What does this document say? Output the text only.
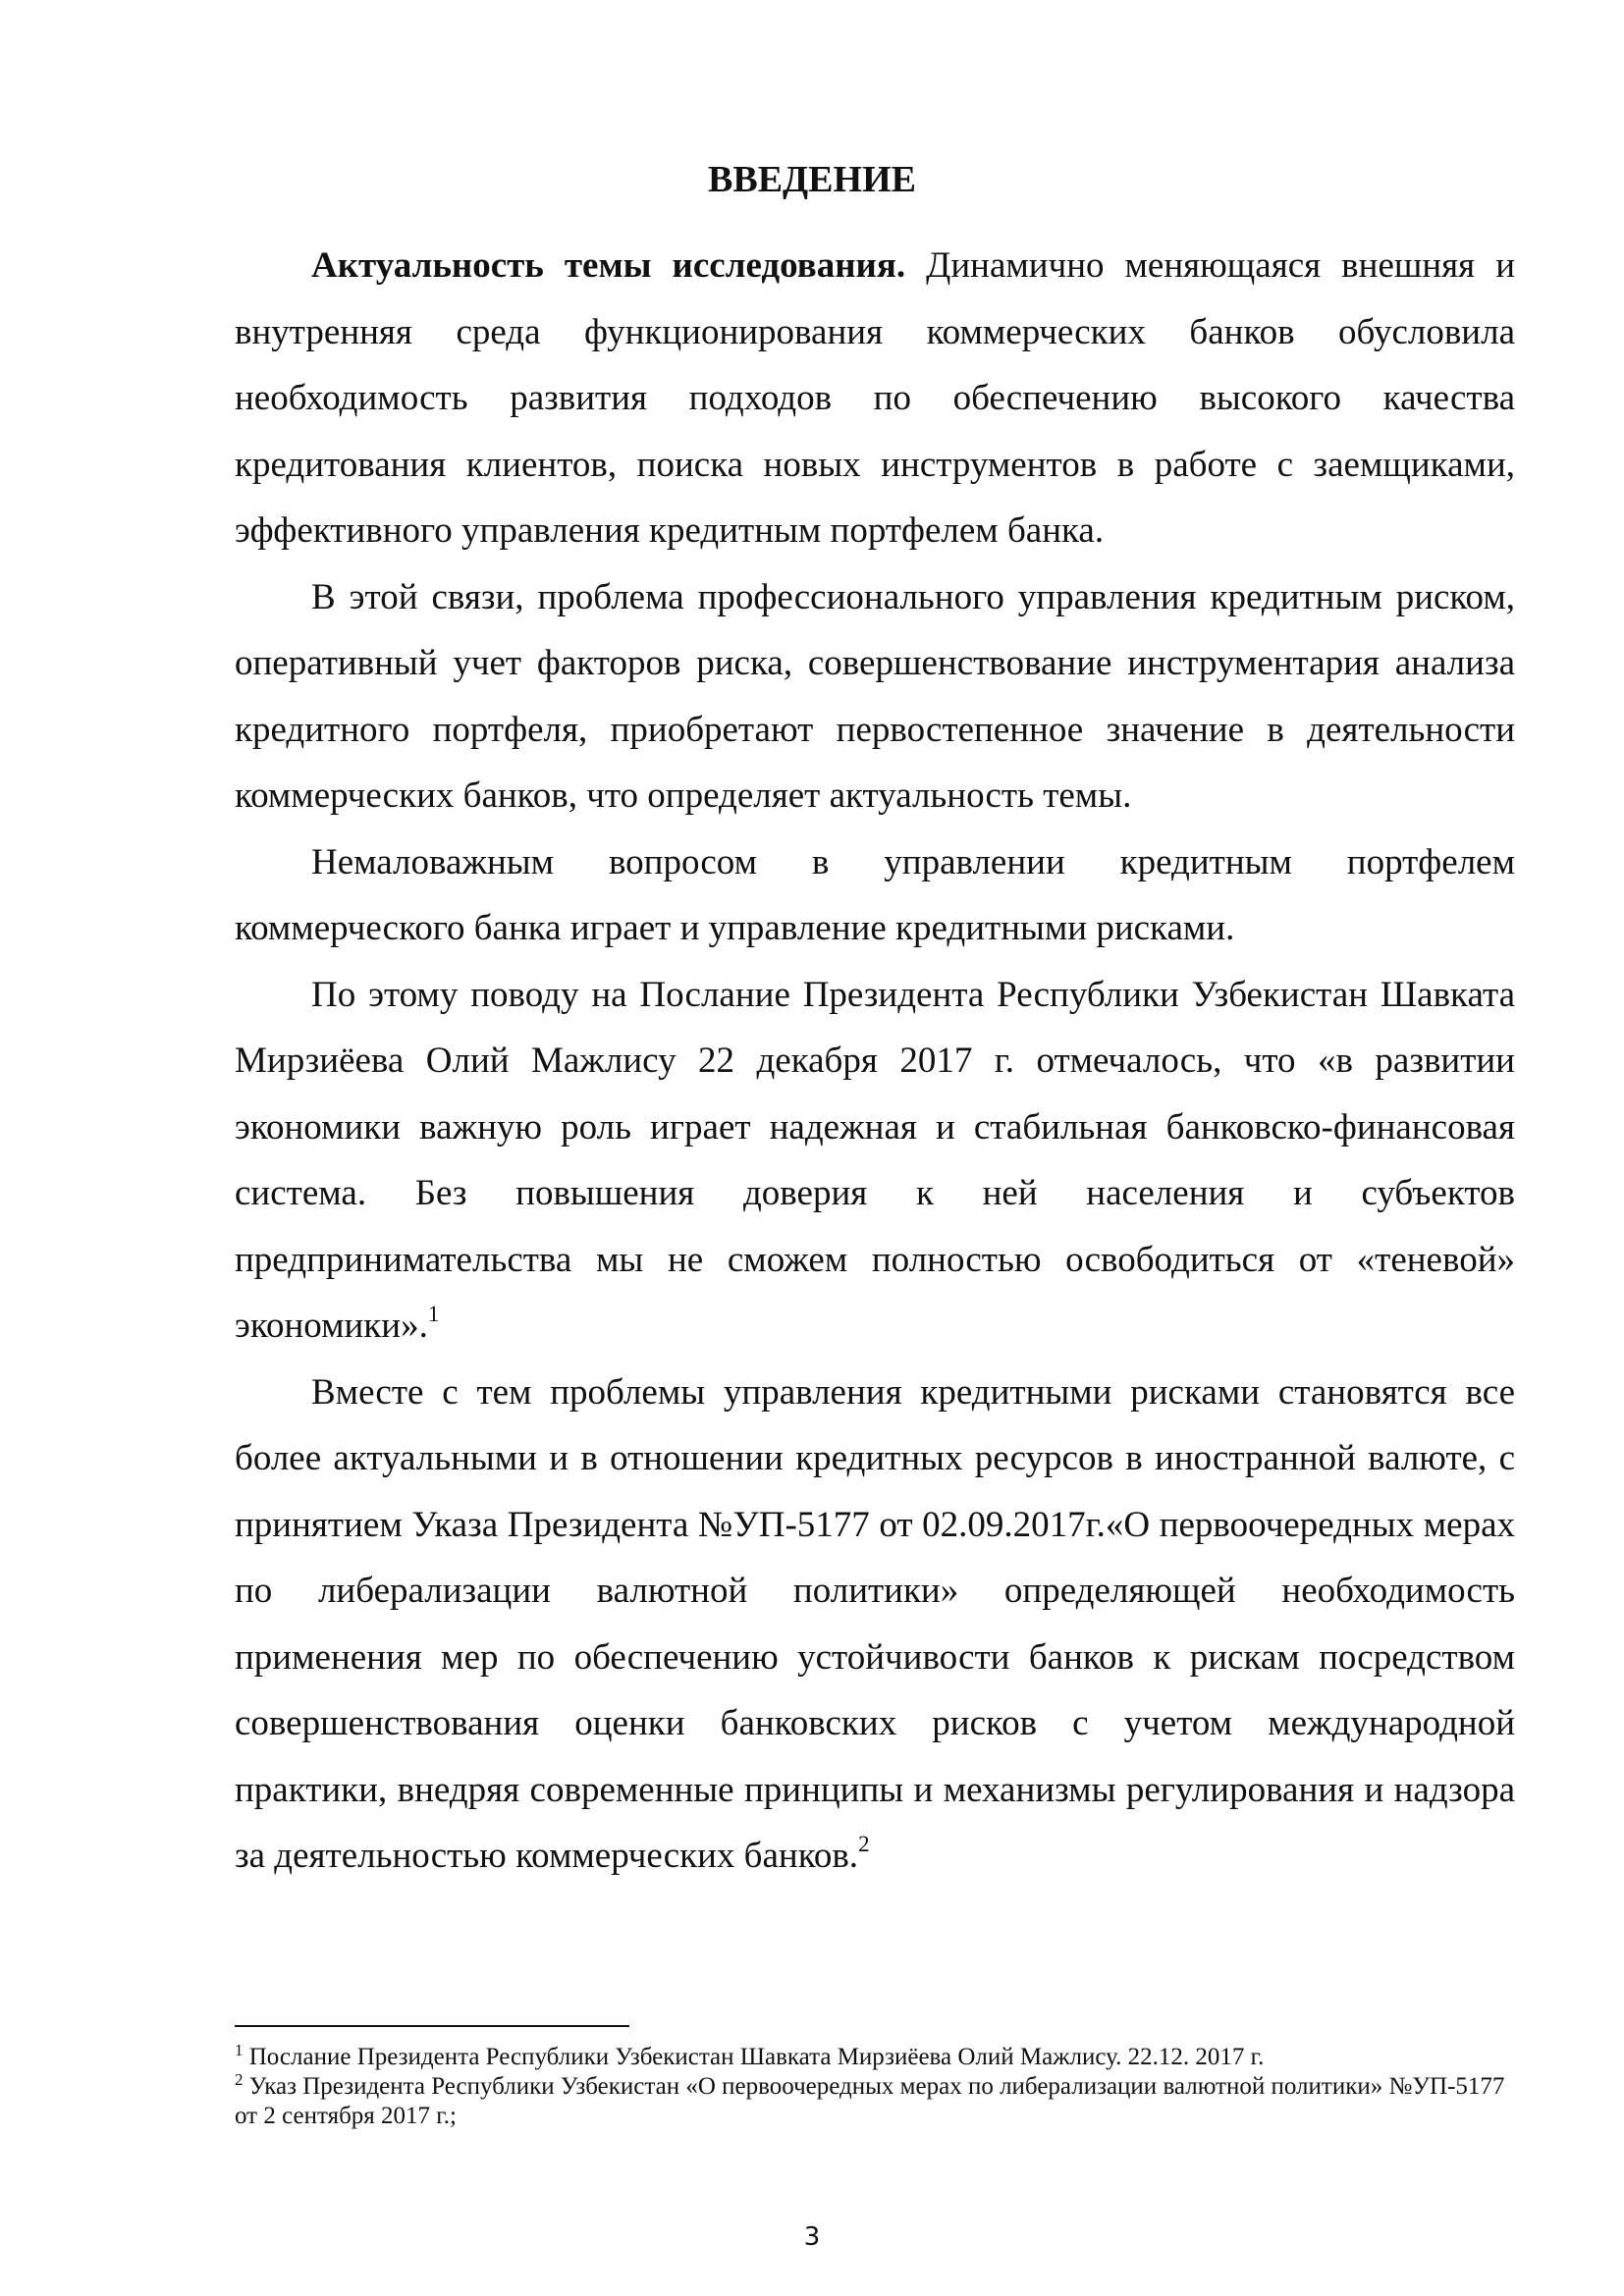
ВВЕДЕНИЕ

Актуальность темы исследования. Динамично меняющаяся внешняя и внутренняя среда функционирования коммерческих банков обусловила необходимость развития подходов по обеспечению высокого качества кредитования клиентов, поиска новых инструментов в работе с заемщиками, эффективного управления кредитным портфелем банка.

В этой связи, проблема профессионального управления кредитным риском, оперативный учет факторов риска, совершенствование инструментария анализа кредитного портфеля, приобретают первостепенное значение в деятельности коммерческих банков, что определяет актуальность темы.

Немаловажным вопросом в управлении кредитным портфелем коммерческого банка играет и управление кредитными рисками.

По этому поводу на Послание Президента Республики Узбекистан Шавката Мирзиёева Олий Мажлису 22 декабря 2017 г. отмечалось, что «в развитии экономики важную роль играет надежная и стабильная банковско-финансовая система. Без повышения доверия к ней населения и субъектов предпринимательства мы не сможем полностью освободиться от «теневой» экономики».$^1$

Вместе с тем проблемы управления кредитными рисками становятся все более актуальными и в отношении кредитных ресурсов в иностранной валюте, с принятием Указа Президента №УП-5177 от 02.09.2017г.«О первоочередных мерах по либерализации валютной политики» определяющей необходимость применения мер по обеспечению устойчивости банков к рискам посредством совершенствования оценки банковских рисков с учетом международной практики, внедряя современные принципы и механизмы регулирования и надзора за деятельностью коммерческих банков.$^2$

$^1$ Послание Президента Республики Узбекистан Шавката Мирзиёева Олий Мажлису. 22.12. 2017 г.

$^2$ Указ Президента Республики Узбекистан «О первоочередных мерах по либерализации валютной политики» №УП-5177 от 2 сентября 2017 г.;

3
